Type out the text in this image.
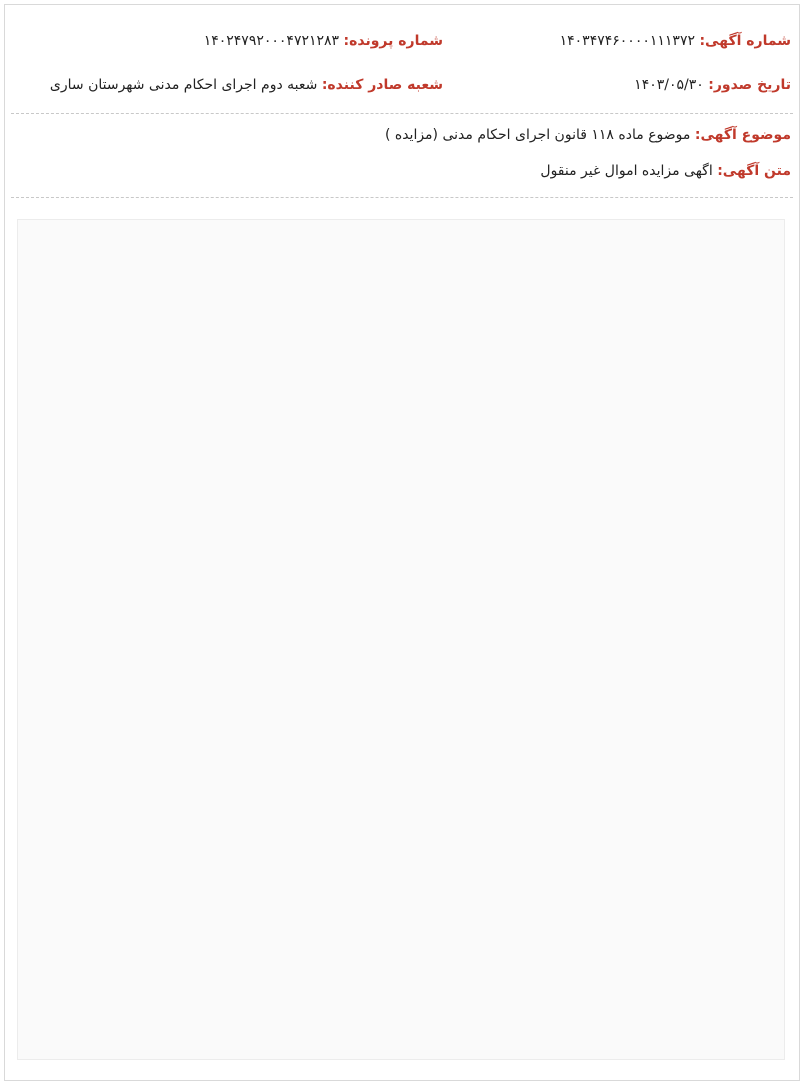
شماره آگهی: ۱۴۰۳۴۷۴۶۰۰۰۰۱۱۱۳۷۲
شماره پرونده: ۱۴۰۲۴۷۹۲۰۰۰۴۷۲۱۲۸۳
تاریخ صدور: ۱۴۰۳/۰۵/۳۰
شعبه صادر کننده: شعبه دوم اجرای احکام مدنی شهرستان ساری
موضوع آگهی: موضوع ماده ۱۱۸ قانون اجرای احکام مدنی (مزایده )
متن آگهی: اگهی مزایده اموال غیر منقول
